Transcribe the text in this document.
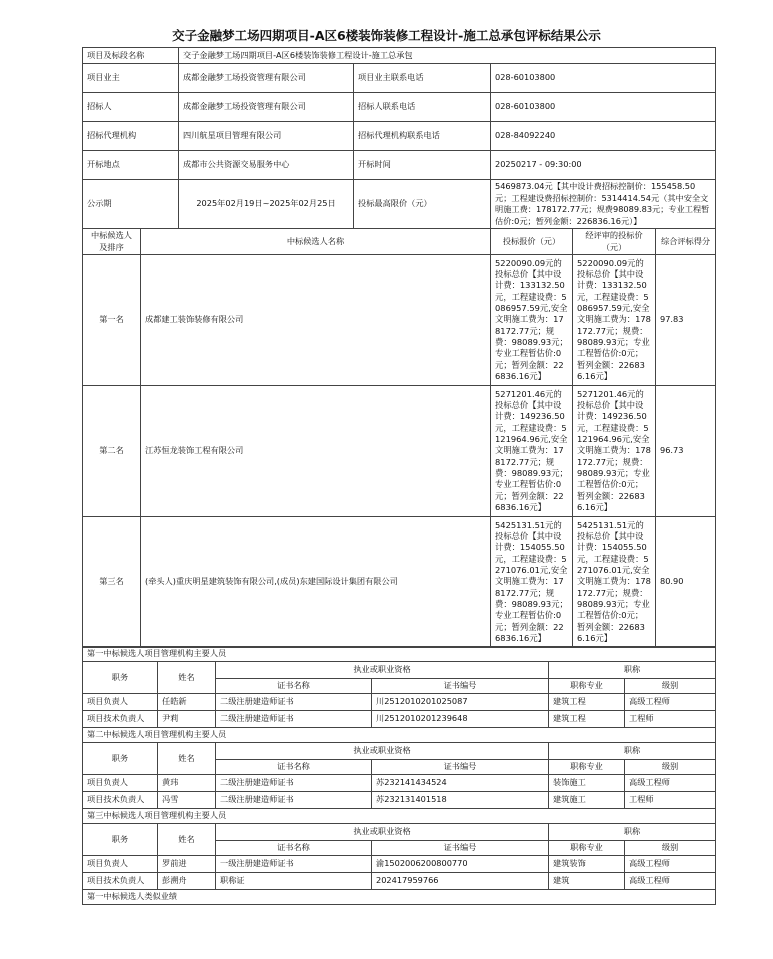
交子金融梦工场四期项目-A区6楼装饰装修工程设计-施工总承包评标结果公示
项目及标段名称		交子金融梦工场四期项目-A区6楼装饰装修工程设计-施工总承包				
项目业主		成都金融梦工场投资管理有限公司	项目业主联系电话	028-60103800		
招标人		成都金融梦工场投资管理有限公司	招标人联系电话	028-60103800		
招标代理机构		四川航星项目管理有限公司	招标代理机构联系电话	028-84092240		
开标地点		成都市公共资源交易服务中心	开标时间	20250217 - 09:30:00		
公示期		2025年02月19日~2025年02月25日	投标最高限价（元）	5469873.04元【其中设计费招标控制价：155458.50元；工程建设费招标控制价：5314414.54元（其中安全文明施工费：178172.77元；规费98089.83元；专业工程暂估价:0元；暂列金额：226836.16元）】		
中标候选人及排序	中标候选人名称			投标报价（元）	经评审的投标价（元）	综合评标得分
第一名	成都建工装饰装修有限公司			5220090.09元的投标总价【其中设计费：133132.50元，工程建设费：5086957.59元,安全文明施工费为：178172.77元；规费：98089.93元；专业工程暂估价:0元；暂列金额：226836.16元】	5220090.09元的投标总价【其中设计费：133132.50元，工程建设费：5086957.59元,安全文明施工费为：178172.77元；规费：98089.93元；专业工程暂估价:0元；暂列金额：226836.16元】	97.83
第二名	江苏恒龙装饰工程有限公司			5271201.46元的投标总价【其中设计费：149236.50元，工程建设费：5121964.96元,安全文明施工费为：178172.77元；规费：98089.93元；专业工程暂估价:0元；暂列金额：226836.16元】	5271201.46元的投标总价【其中设计费：149236.50元，工程建设费：5121964.96元,安全文明施工费为：178172.77元；规费：98089.93元；专业工程暂估价:0元；暂列金额：226836.16元】	96.73
第三名	(牵头人)重庆明星建筑装饰有限公司,(成员)东建国际设计集团有限公司			5425131.51元的投标总价【其中设计费：154055.50元，工程建设费：5271076.01元,安全文明施工费为：178172.77元；规费：98089.93元；专业工程暂估价:0元；暂列金额：226836.16元】	5425131.51元的投标总价【其中设计费：154055.50元，工程建设费：5271076.01元,安全文明施工费为：178172.77元；规费：98089.93元；专业工程暂估价:0元；暂列金额：226836.16元】	80.90
第一中标候选人项目管理机构主要人员					
职务	姓名	执业或职业资格		职称	
		证书名称	证书编号	职称专业	级别
项目负责人	任皓新	二级注册建造师证书	川2512010201025087	建筑工程	高级工程师
项目技术负责人	尹莉	二级注册建造师证书	川2512010201239648	建筑工程	工程师
第二中标候选人项目管理机构主要人员					
职务	姓名	执业或职业资格		职称	
		证书名称	证书编号	职称专业	级别
项目负责人	黄玮	二级注册建造师证书	苏232141434524	装饰施工	高级工程师
项目技术负责人	冯雪	二级注册建造师证书	苏232131401518	建筑施工	工程师
第三中标候选人项目管理机构主要人员					
职务	姓名	执业或职业资格		职称	
		证书名称	证书编号	职称专业	级别
项目负责人	罗前进	一级注册建造师证书	渝1502006200800770	建筑装饰	高级工程师
项目技术负责人	彭溯舟	职称证	202417959766	建筑	高级工程师
第一中标候选人类似业绩					
